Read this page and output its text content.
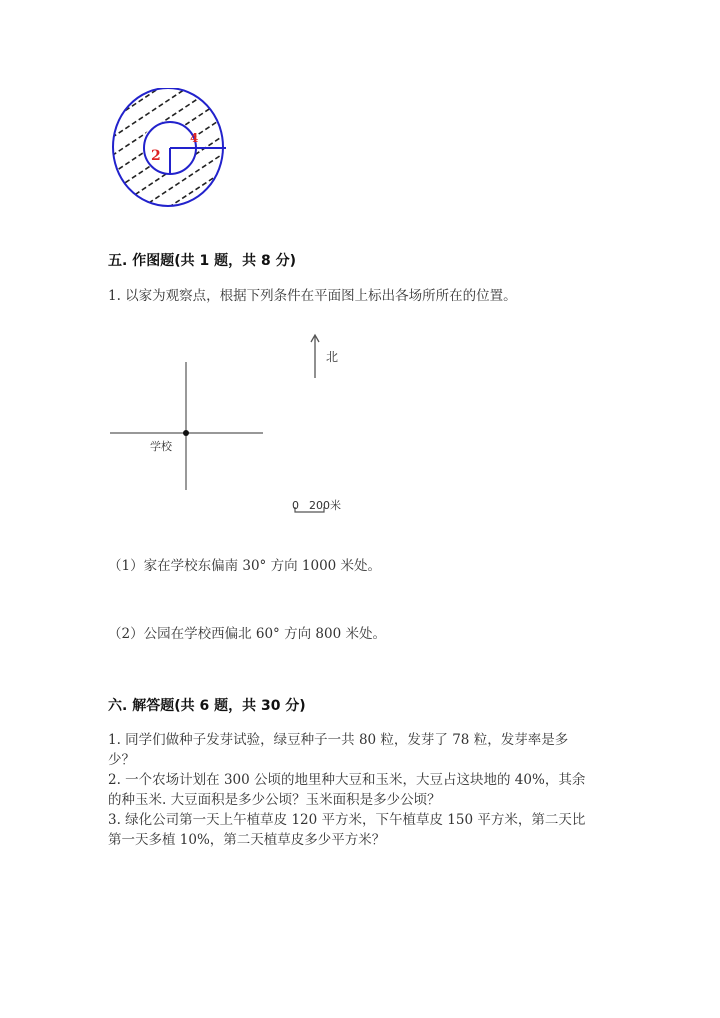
2
4
五. 作图题(共 1 题，共 8 分)
1. 以家为观察点，根据下列条件在平面图上标出各场所所在的位置。
北
学校
0 200米
（1）家在学校东偏南 30° 方向 1000 米处。
（2）公园在学校西偏北 60° 方向 800 米处。
六. 解答题(共 6 题，共 30 分)
1. 同学们做种子发芽试验，绿豆种子一共 80 粒，发芽了 78 粒，发芽率是多少？
2. 一个农场计划在 300 公顷的地里种大豆和玉米，大豆占这块地的 40%，其余的种玉米. 大豆面积是多少公顷？玉米面积是多少公顷？
3. 绿化公司第一天上午植草皮 120 平方米，下午植草皮 150 平方米，第二天比第一天多植 10%，第二天植草皮多少平方米？
